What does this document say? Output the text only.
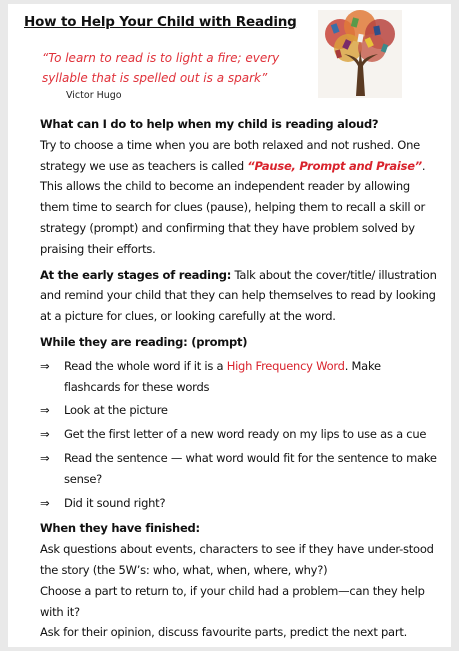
How to Help Your Child with Reading
“To learn to read is to light a fire; every syllable that is spelled out is a spark”
Victor Hugo

What can I do to help when my child is reading aloud?

Try to choose a time when you are both relaxed and not rushed. One strategy we use as teachers is called “Pause, Prompt and Praise”. This allows the child to become an independent reader by allowing them time to search for clues (pause), helping them to recall a skill or strategy (prompt) and confirming that they have problem solved by praising their efforts.

At the early stages of reading: Talk about the cover/title/ illustration and remind your child that they can help themselves to read by looking at a picture for clues, or looking carefully at the word.

While they are reading: (prompt)

⇒ Read the whole word if it is a High Frequency Word. Make flashcards for these words

⇒ Look at the picture

⇒ Get the first letter of a new word ready on my lips to use as a cue

⇒ Read the sentence — what word would fit for the sentence to make sense?

⇒ Did it sound right?

When they have finished:

Ask questions about events, characters to see if they have under-stood the story (the 5W’s: who, what, when, where, why?)

Choose a part to return to, if your child had a problem—can they help with it?

Ask for their opinion, discuss favourite parts, predict the next part.
